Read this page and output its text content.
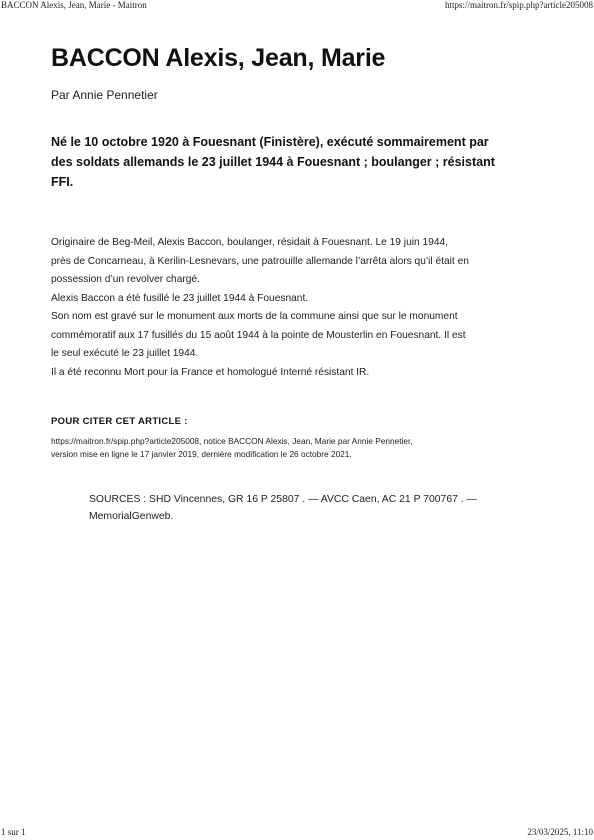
BACCON Alexis, Jean, Marie - Maitron	https://maitron.fr/spip.php?article205008
BACCON Alexis, Jean, Marie

Par Annie Pennetier

Né le 10 octobre 1920 à Fouesnant (Finistère), exécuté sommairement par
des soldats allemands le 23 juillet 1944 à Fouesnant ; boulanger ; résistant
FFI.

Originaire de Beg-Meil, Alexis Baccon, boulanger, résidait à Fouesnant. Le 19 juin 1944,
près de Concarneau, à Kerilin-Lesnevars, une patrouille allemande l’arrêta alors qu’il était en
possession d’un revolver chargé.
Alexis Baccon a été fusillé le 23 juillet 1944 à Fouesnant.
Son nom est gravé sur le monument aux morts de la commune ainsi que sur le monument
commémoratif aux 17 fusillés du 15 août 1944 à la pointe de Mousterlin en Fouesnant. Il est
le seul exécuté le 23 juillet 1944.
Il a été reconnu Mort pour la France et homologué Interné résistant IR.

POUR CITER CET ARTICLE :

https://maitron.fr/spip.php?article205008, notice BACCON Alexis, Jean, Marie par Annie Pennetier,
version mise en ligne le 17 janvier 2019, dernière modification le 26 octobre 2021.
SOURCES : SHD Vincennes, GR 16 P 25807 . — AVCC Caen, AC 21 P 700767 . —
MemorialGenweb.
1 sur 1	23/03/2025, 11:10
